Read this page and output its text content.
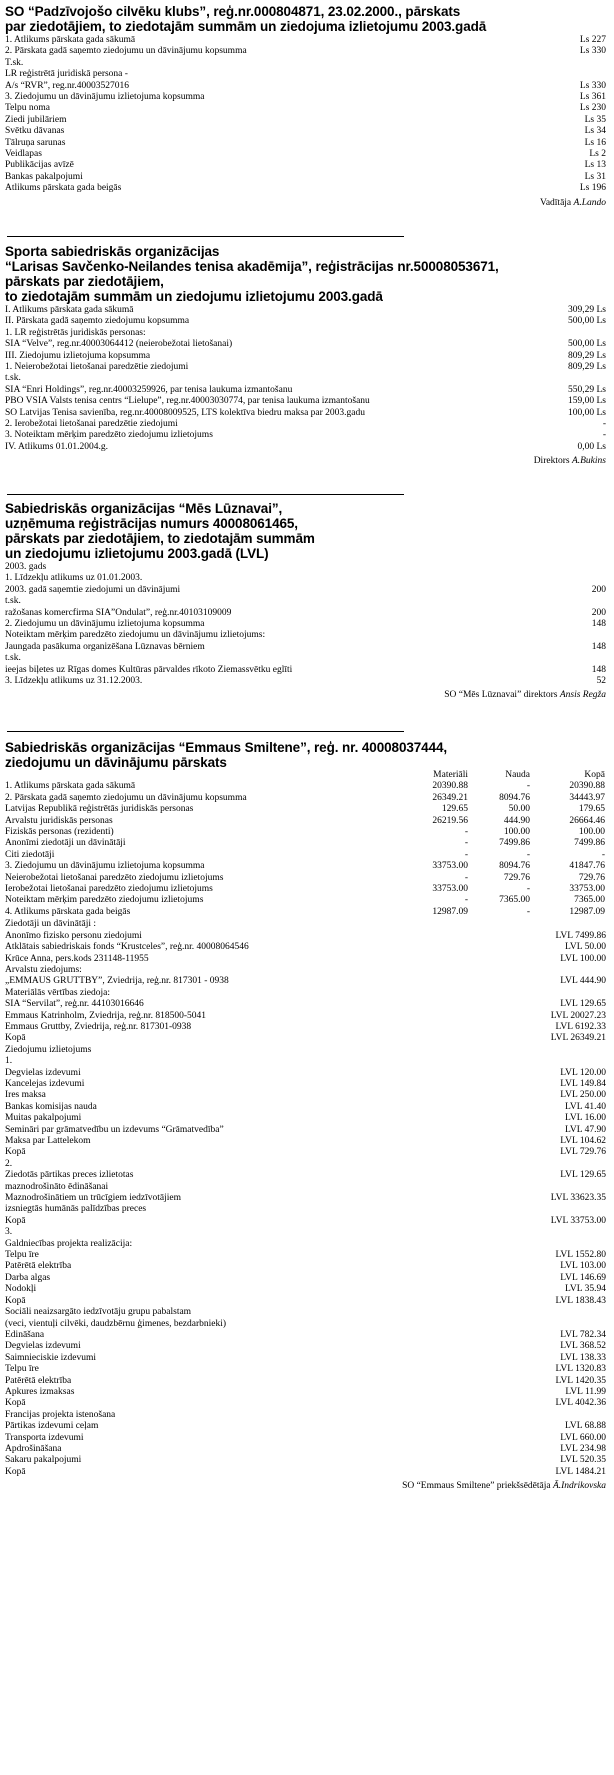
SO “Padzīvojošo cilvēku klubs”, reģ.nr.000804871, 23.02.2000., pārskats
par ziedotājiem, to ziedotajām summām un ziedojuma izlietojumu 2003.gadā
1. Atlikums pārskata gada sākumā	Ls 227
2. Pārskata gadā saņemto ziedojumu un dāvinājumu kopsumma	Ls 330
T.sk.
LR reģistrētā juridiskā persona -
A/s “RVR”, reg.nr.40003527016	Ls 330
3. Ziedojumu un dāvinājumu izlietojuma kopsumma	Ls 361
Telpu noma	Ls 230
Ziedi jubilāriem	Ls 35
Svētku dāvanas	Ls 34
Tālruņa sarunas	Ls 16
Veidlapas	Ls 2
Publikācijas avīzē	Ls 13
Bankas pakalpojumi	Ls 31
Atlikums pārskata gada beigās	Ls 196
Vadītāja A.Lando
Sporta sabiedriskās organizācijas
“Larisas Savčenko-Neilandes tenisa akadēmija”, reģistrācijas nr.50008053671,
pārskats par ziedotājiem,
to ziedotajām summām un ziedojumu izlietojumu 2003.gadā
I. Atlikums pārskata gada sākumā	309,29 Ls
II. Pārskata gadā saņemto ziedojumu kopsumma	500,00 Ls
1. LR reģistrētās juridiskās personas:
SIA “Velve”, reg.nr.40003064412 (neierobežotai lietošanai)	500,00 Ls
III. Ziedojumu izlietojuma kopsumma	809,29 Ls
1. Neierobežotai lietošanai paredzētie ziedojumi	809,29 Ls
t.sk.
SIA “Enri Holdings”, reg.nr.40003259926, par tenisa laukuma izmantošanu	550,29 Ls
PBO VSIA Valsts tenisa centrs “Lielupe”, reg.nr.40003030774, par tenisa laukuma izmantošanu	159,00 Ls
SO Latvijas Tenisa savienība, reg.nr.40008009525, LTS kolektīva biedru maksa par 2003.gadu	100,00 Ls
2. Ierobežotai lietošanai paredzētie ziedojumi	-
3. Noteiktam mērķim paredzēto ziedojumu izlietojums	-
IV. Atlikums 01.01.2004.g.	0,00 Ls
Direktors A.Bukins
Sabiedriskās organizācijas “Mēs Lūznavai”,
uzņēmuma reģistrācijas numurs 40008061465,
pārskats par ziedotājiem, to ziedotajām summām
un ziedojumu izlietojumu 2003.gadā (LVL)
2003. gads
1. Līdzekļu atlikums uz 01.01.2003.
2003. gadā saņemtie ziedojumi un dāvinājumi	200
t.sk.
ražošanas komercfirma SIA”Ondulat”, reģ.nr.40103109009	200
2. Ziedojumu un dāvinājumu izlietojuma kopsumma	148
Noteiktam mērķim paredzēto ziedojumu un dāvinājumu izlietojums:
Jaungada pasākuma organizēšana Lūznavas bērniem	148
t.sk.
ieejas biļetes uz Rīgas domes Kultūras pārvaldes rīkoto Ziemassvētku eglīti	148
3. Līdzekļu atlikums uz 31.12.2003.	52
SO “Mēs Lūznavai” direktors Ansis Regža
Sabiedriskās organizācijas “Emmaus Smiltene”, reģ. nr. 40008037444,
ziedojumu un dāvinājumu pārskats
Materiāli	Nauda	Kopā
1. Atlikums pārskata gada sākumā	20390.88	-	20390.88
2. Pārskata gadā saņemto ziedojumu un dāvinājumu kopsumma	26349.21	8094.76	34443.97
Latvijas Republikā reģistrētās juridiskās personas	129.65	50.00	179.65
Ārvalstu juridiskās personas	26219.56	444.90	26664.46
Fiziskās personas (rezidenti)	-	100.00	100.00
Anonīmi ziedotāji un dāvinātāji	-	7499.86	7499.86
Citi ziedotāji	-	-	-
3. Ziedojumu un dāvinājumu izlietojuma kopsumma	33753.00	8094.76	41847.76
Neierobežotai lietošanai paredzēto ziedojumu izlietojums	-	729.76	729.76
Ierobežotai lietošanai paredzēto ziedojumu izlietojums	33753.00	-	33753.00
Noteiktam mērķim paredzēto ziedojumu izlietojums	-	7365.00	7365.00
4. Atlikums pārskata gada beigās	12987.09	-	12987.09
Ziedotāji un dāvinātāji :
Anonīmo fizisko personu ziedojumi	LVL 7499.86
Atklātais sabiedriskais fonds “Krustceles”, reģ.nr. 40008064546	LVL 50.00
Krūce Anna, pers.kods 231148-11955	LVL 100.00
Ārvalstu ziedojums:
„EMMAUS GRUTTBY”, Zviedrija, reģ.nr. 817301 - 0938	LVL 444.90
Materiālās vērtības ziedoja:
SIA “Servilat”, reģ.nr. 44103016646	LVL 129.65
Emmaus Katrinholm, Zviedrija, reģ.nr. 818500-5041	LVL 20027.23
Emmaus Gruttby, Zviedrija, reģ.nr. 817301-0938	LVL 6192.33
Kopā	LVL 26349.21
Ziedojumu izlietojums
1.
Degvielas izdevumi	LVL 120.00
Kancelejas izdevumi	LVL 149.84
Īres maksa	LVL 250.00
Bankas komisijas nauda	LVL 41.40
Muitas pakalpojumi	LVL 16.00
Semināri par grāmatvedību un izdevums “Grāmatvedība”	LVL 47.90
Maksa par Lattelekom	LVL 104.62
Kopā	LVL 729.76
2.
Ziedotās pārtikas preces izlietotas	LVL 129.65
maznodrošināto ēdināšanai
Maznodrošinātiem un trūcīgiem iedzīvotājiem	LVL 33623.35
izsniegtās humānās palīdzības preces
Kopā	LVL 33753.00
3.
Galdniecības projekta realizācija:
Telpu īre	LVL 1552.80
Patērētā elektrība	LVL 103.00
Darba algas	LVL 146.69
Nodokļi	LVL 35.94
Kopā	LVL 1838.43
Sociāli neaizsargāto iedzīvotāju grupu pabalstam
(veci, vientuļi cilvēki, daudzbērnu ģimenes, bezdarbnieki)
Ēdināšana	LVL 782.34
Degvielas izdevumi	LVL 368.52
Saimnieciskie izdevumi	LVL 138.33
Telpu īre	LVL 1320.83
Patērētā elektrība	LVL 1420.35
Apkures izmaksas	LVL 11.99
Kopā	LVL 4042.36
Francijas projekta istenošana
Pārtikas izdevumi ceļam	LVL 68.88
Transporta izdevumi	LVL 660.00
Apdrošināšana	LVL 234.98
Sakaru pakalpojumi	LVL 520.35
Kopā	LVL 1484.21
SO “Emmaus Smiltene” priekšsēdētāja Ā.Indrikovska
